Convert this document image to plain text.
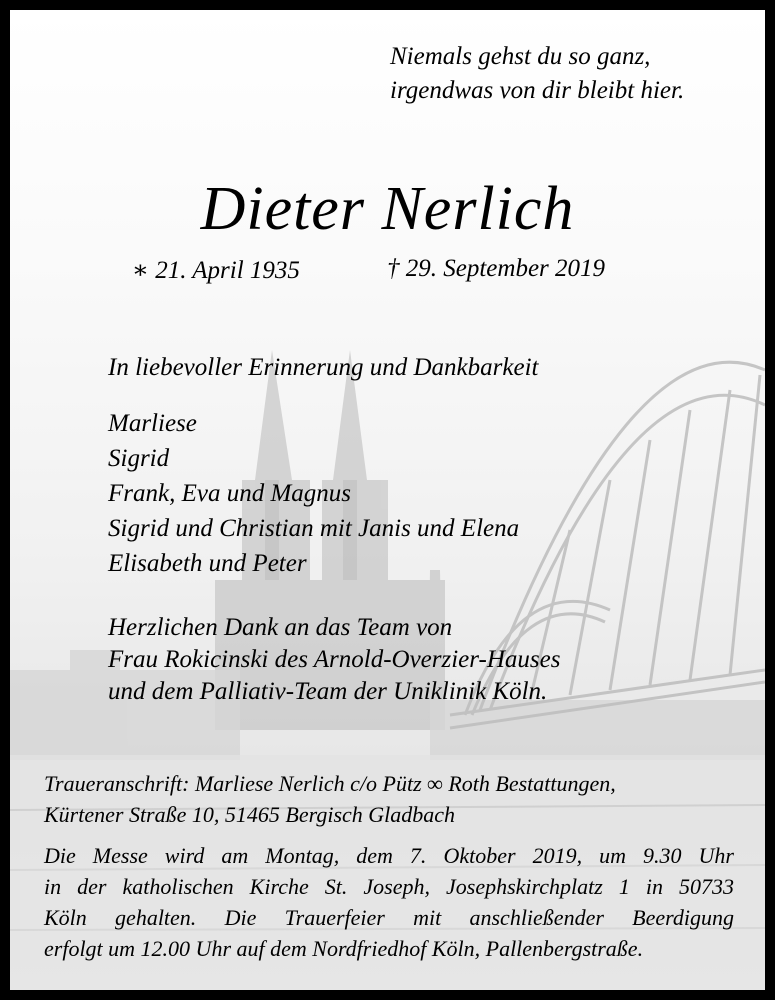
Niemals gehst du so ganz,
irgendwas von dir bleibt hier.
Dieter Nerlich
∗ 21. April 1935	† 29. September 2019
In liebevoller Erinnerung und Dankbarkeit
Marliese
Sigrid
Frank, Eva und Magnus
Sigrid und Christian mit Janis und Elena
Elisabeth und Peter
Herzlichen Dank an das Team von
Frau Rokicinski des Arnold-Overzier-Hauses
und dem Palliativ-Team der Uniklinik Köln.
Traueranschrift: Marliese Nerlich c/o Pütz ∞ Roth Bestattungen,
Kürtener Straße 10, 51465 Bergisch Gladbach
Die Messe wird am Montag, dem 7. Oktober 2019, um 9.30 Uhr
in der katholischen Kirche St. Joseph, Josephskirchplatz 1 in 50733
Köln gehalten. Die Trauerfeier mit anschließender Beerdigung
erfolgt um 12.00 Uhr auf dem Nordfriedhof Köln, Pallenbergstraße.
